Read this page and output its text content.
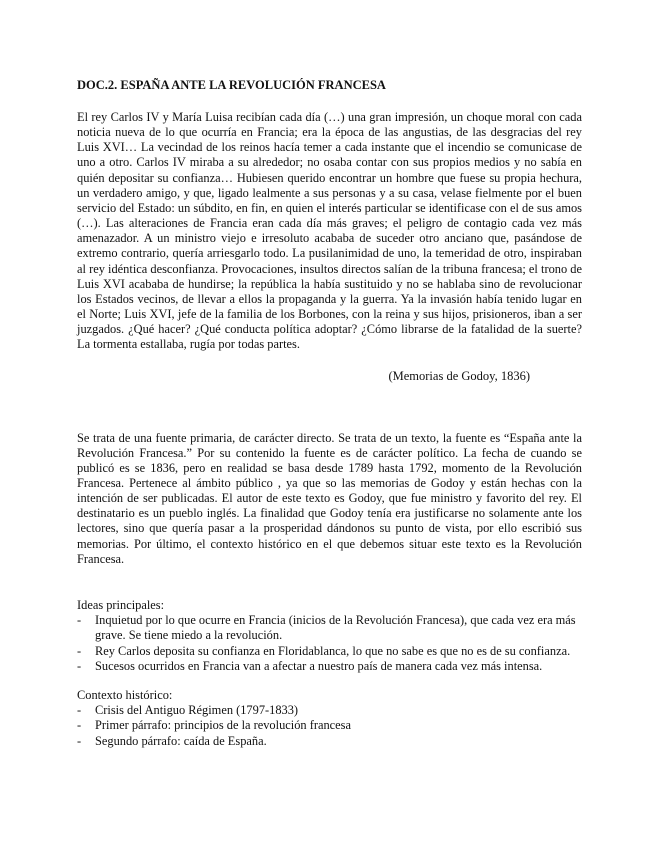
DOC.2. ESPAÑA ANTE LA REVOLUCIÓN FRANCESA

El rey Carlos IV y María Luisa recibían cada día (…) una gran impresión, un choque moral con cada noticia nueva de lo que ocurría en Francia; era la época de las angustias, de las desgracias del rey Luis XVI… La vecindad de los reinos hacía temer a cada instante que el incendio se comunicase de uno a otro. Carlos IV miraba a su alrededor; no osaba contar con sus propios medios y no sabía en quién depositar su confianza… Hubiesen querido encontrar un hombre que fuese su propia hechura, un verdadero amigo, y que, ligado lealmente a sus personas y a su casa, velase fielmente por el buen servicio del Estado: un súbdito, en fin, en quien el interés particular se identificase con el de sus amos (…). Las alteraciones de Francia eran cada día más graves; el peligro de contagio cada vez más amenazador. A un ministro viejo e irresoluto acababa de suceder otro anciano que, pasándose de extremo contrario, quería arriesgarlo todo. La pusilanimidad de uno, la temeridad de otro, inspiraban al rey idéntica desconfianza. Provocaciones, insultos directos salían de la tribuna francesa; el trono de Luis XVI acababa de hundirse; la república la había sustituido y no se hablaba sino de revolucionar los Estados vecinos, de llevar a ellos la propaganda y la guerra. Ya la invasión había tenido lugar en el Norte; Luis XVI, jefe de la familia de los Borbones, con la reina y sus hijos, prisioneros, iban a ser juzgados. ¿Qué hacer? ¿Qué conducta política adoptar? ¿Cómo librarse de la fatalidad de la suerte? La tormenta estallaba, rugía por todas partes.

(Memorias de Godoy, 1836)

Se trata de una fuente primaria, de carácter directo. Se trata de un texto, la fuente es “España ante la Revolución Francesa.” Por su contenido la fuente es de carácter político. La fecha de cuando se publicó es se 1836, pero en realidad se basa desde 1789 hasta 1792, momento de la Revolución Francesa. Pertenece al ámbito público , ya que so las memorias de Godoy y están hechas con la intención de ser publicadas. El autor de este texto es Godoy, que fue ministro y favorito del rey. El destinatario es un pueblo inglés. La finalidad que Godoy tenía era justificarse no solamente ante los lectores, sino que quería pasar a la prosperidad dándonos su punto de vista, por ello escribió sus memorias. Por último, el contexto histórico en el que debemos situar este texto es la Revolución Francesa.

Ideas principales:

- Inquietud por lo que ocurre en Francia (inicios de la Revolución Francesa), que cada vez era más grave. Se tiene miedo a la revolución.
- Rey Carlos deposita su confianza en Floridablanca, lo que no sabe es que no es de su confianza.
- Sucesos ocurridos en Francia van a afectar a nuestro país de manera cada vez más intensa.

Contexto histórico:

- Crisis del Antiguo Régimen (1797-1833)
- Primer párrafo: principios de la revolución francesa
- Segundo párrafo: caída de España.
